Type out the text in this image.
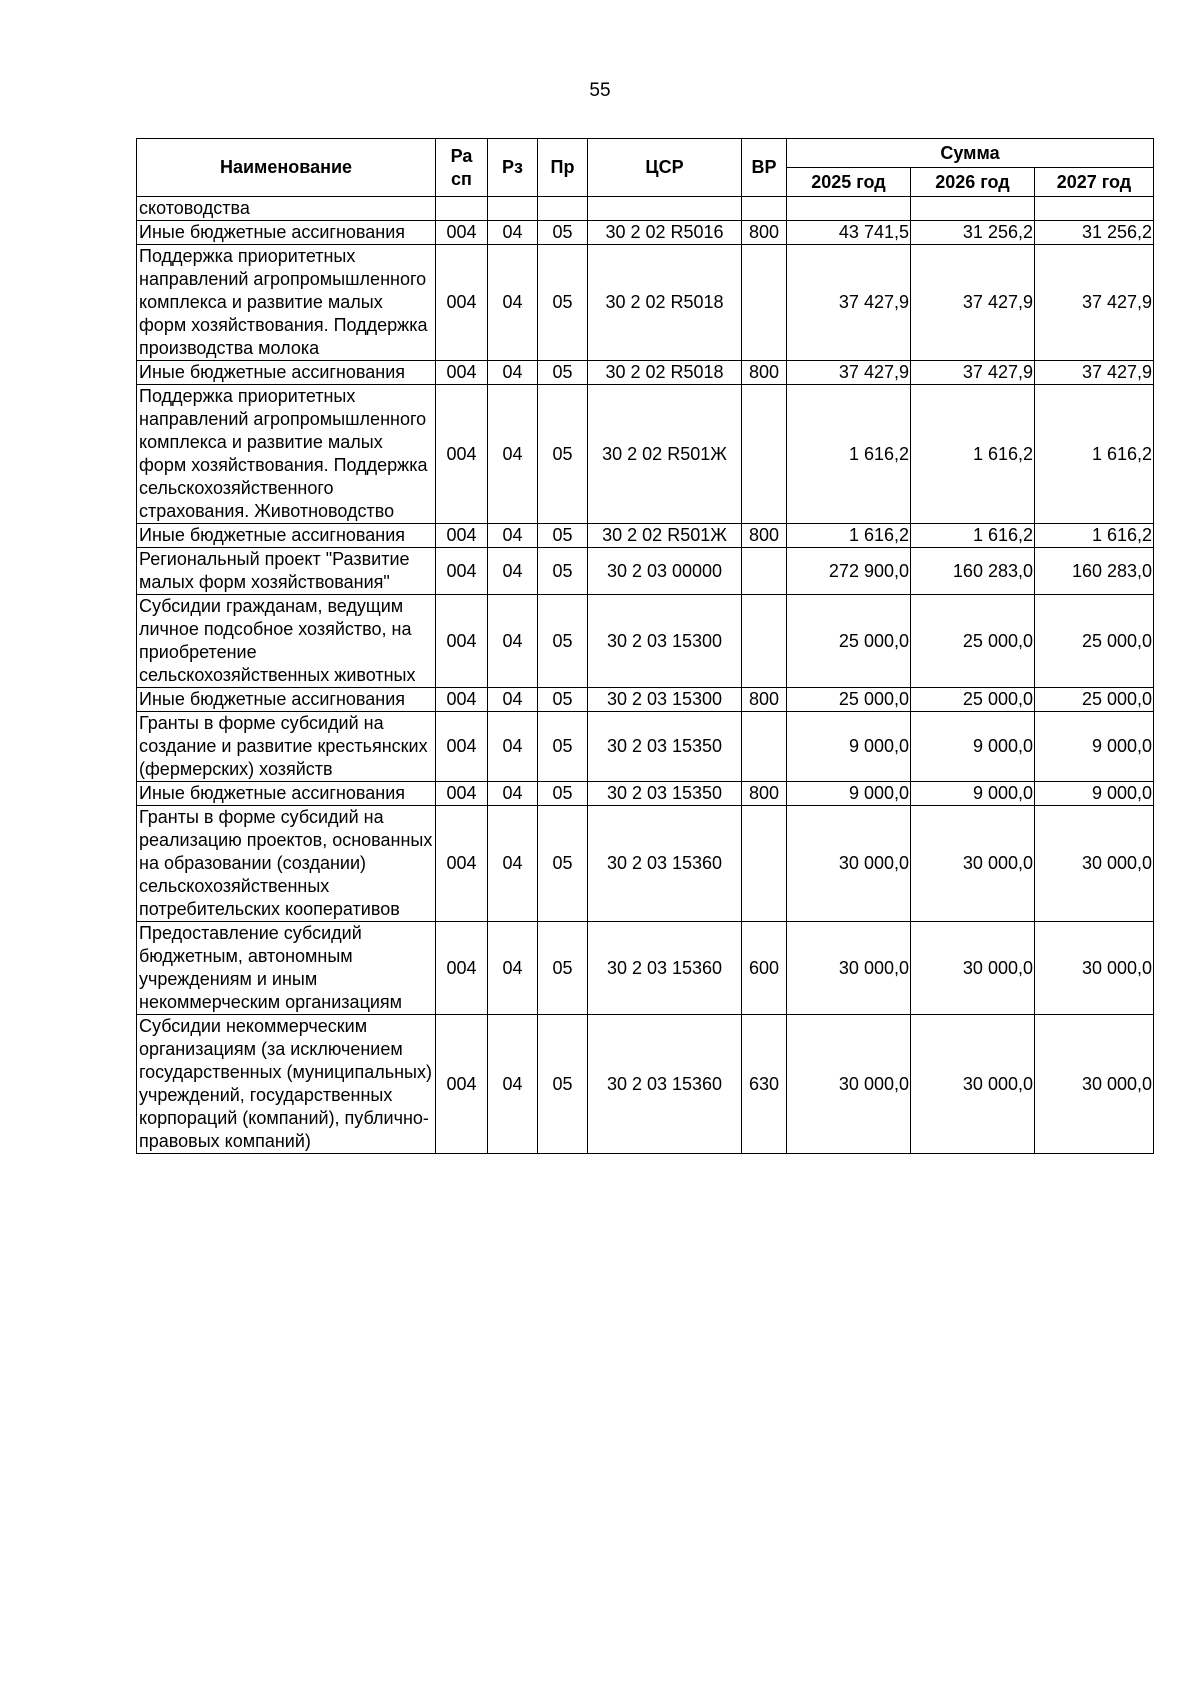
55
Наименование	Ра сп	Рз	Пр	ЦСР	ВР	Сумма		
						2025 год	2026 год	2027 год
скотоводства								
Иные бюджетные ассигнования	004	04	05	30 2 02 R5016	800	43 741,5	31 256,2	31 256,2
Поддержка приоритетных направлений агропромышленного комплекса и развитие малых форм хозяйствования. Поддержка производства молока	004	04	05	30 2 02 R5018		37 427,9	37 427,9	37 427,9
Иные бюджетные ассигнования	004	04	05	30 2 02 R5018	800	37 427,9	37 427,9	37 427,9
Поддержка приоритетных направлений агропромышленного комплекса и развитие малых форм хозяйствования. Поддержка сельскохозяйственного страхования. Животноводство	004	04	05	30 2 02 R501Ж		1 616,2	1 616,2	1 616,2
Иные бюджетные ассигнования	004	04	05	30 2 02 R501Ж	800	1 616,2	1 616,2	1 616,2
Региональный проект "Развитие малых форм хозяйствования"	004	04	05	30 2 03 00000		272 900,0	160 283,0	160 283,0
Субсидии гражданам, ведущим личное подсобное хозяйство, на приобретение сельскохозяйственных животных	004	04	05	30 2 03 15300		25 000,0	25 000,0	25 000,0
Иные бюджетные ассигнования	004	04	05	30 2 03 15300	800	25 000,0	25 000,0	25 000,0
Гранты в форме субсидий на создание и развитие крестьянских (фермерских) хозяйств	004	04	05	30 2 03 15350		9 000,0	9 000,0	9 000,0
Иные бюджетные ассигнования	004	04	05	30 2 03 15350	800	9 000,0	9 000,0	9 000,0
Гранты в форме субсидий на реализацию проектов, основанных на образовании (создании) сельскохозяйственных потребительских кооперативов	004	04	05	30 2 03 15360		30 000,0	30 000,0	30 000,0
Предоставление субсидий бюджетным, автономным учреждениям и иным некоммерческим организациям	004	04	05	30 2 03 15360	600	30 000,0	30 000,0	30 000,0
Субсидии некоммерческим организациям (за исключением государственных (муниципальных) учреждений, государственных корпораций (компаний), публично-правовых компаний)	004	04	05	30 2 03 15360	630	30 000,0	30 000,0	30 000,0
